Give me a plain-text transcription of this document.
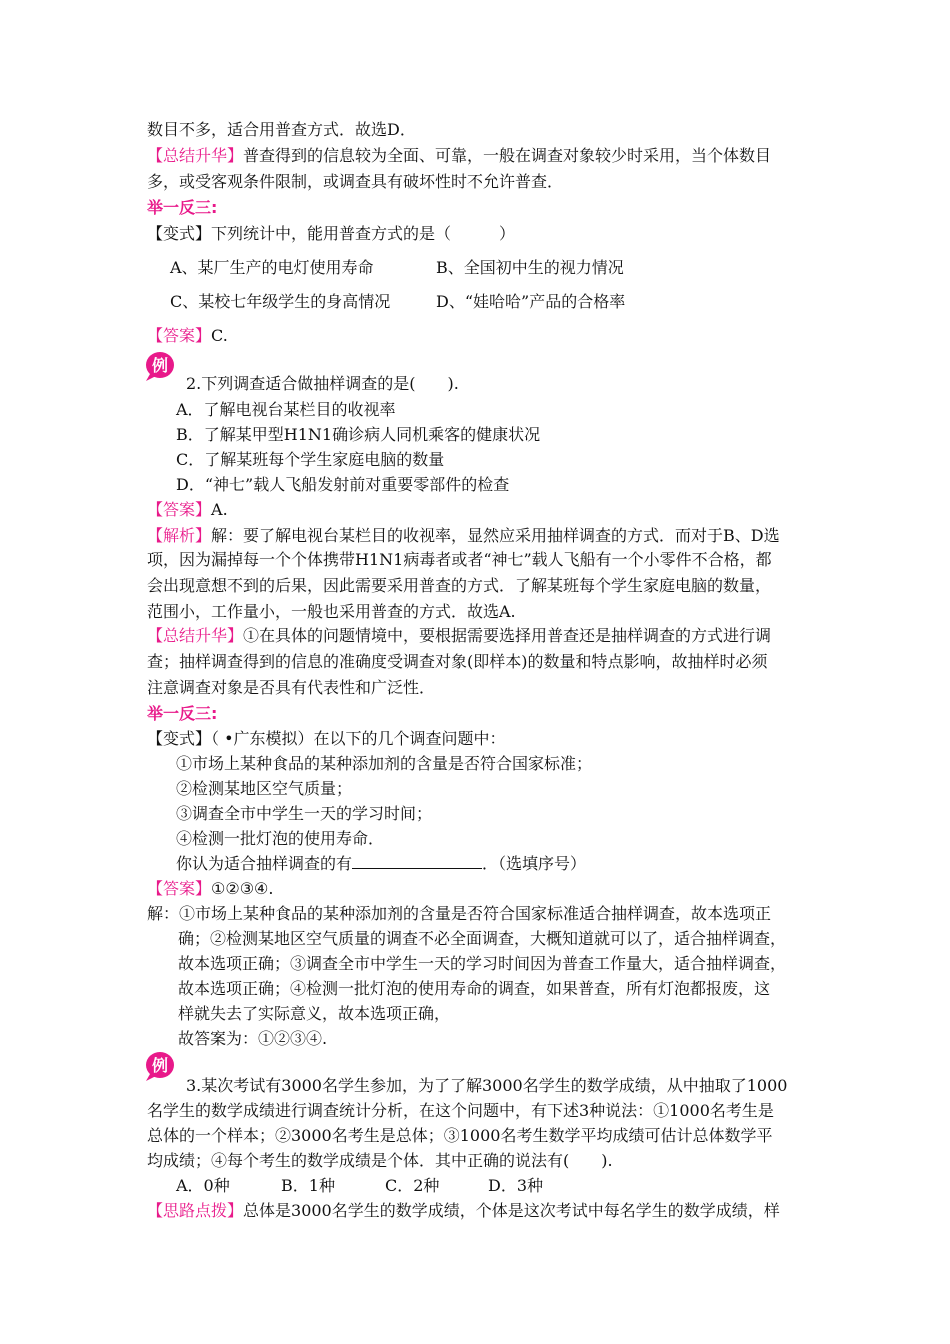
数目不多，适合用普查方式．故选D．
【总结升华】普查得到的信息较为全面、可靠，一般在调查对象较少时采用，当个体数目
多，或受客观条件限制，或调查具有破坏性时不允许普查．
举一反三:
【变式】下列统计中，能用普查方式的是（　　　）
A、某厂生产的电灯使用寿命	B、全国初中生的视力情况
C、某校七年级学生的身高情况	D、“娃哈哈”产品的合格率
【答案】C.
例
2.下列调查适合做抽样调查的是(　　).
A．了解电视台某栏目的收视率
B．了解某甲型H1N1确诊病人同机乘客的健康状况
C．了解某班每个学生家庭电脑的数量
D．“神七”载人飞船发射前对重要零部件的检查
【答案】A.
【解析】解：要了解电视台某栏目的收视率，显然应采用抽样调查的方式．而对于B、D选
项，因为漏掉每一个个体携带H1N1病毒者或者“神七”载人飞船有一个小零件不合格，都
会出现意想不到的后果，因此需要采用普查的方式．了解某班每个学生家庭电脑的数量，
范围小，工作量小，一般也采用普查的方式．故选A.
【总结升华】①在具体的问题情境中，要根据需要选择用普查还是抽样调查的方式进行调
查；抽样调查得到的信息的准确度受调查对象(即样本)的数量和特点影响，故抽样时必须
注意调查对象是否具有代表性和广泛性．
举一反三:
【变式】（ •广东模拟）在以下的几个调查问题中：
①市场上某种食品的某种添加剂的含量是否符合国家标准；
②检测某地区空气质量；
③调查全市中学生一天的学习时间；
④检测一批灯泡的使用寿命．
你认为适合抽样调查的有	．（选填序号）
【答案】①②③④.
解：①市场上某种食品的某种添加剂的含量是否符合国家标准适合抽样调查，故本选项正
确；②检测某地区空气质量的调查不必全面调查，大概知道就可以了，适合抽样调查，
故本选项正确；③调查全市中学生一天的学习时间因为普查工作量大，适合抽样调查，
故本选项正确；④检测一批灯泡的使用寿命的调查，如果普查，所有灯泡都报废，这
样就失去了实际意义，故本选项正确，
故答案为：①②③④.
例
3.某次考试有3000名学生参加，为了了解3000名学生的数学成绩，从中抽取了1000
名学生的数学成绩进行调查统计分析，在这个问题中，有下述3种说法：①1000名考生是
总体的一个样本；②3000名考生是总体；③1000名考生数学平均成绩可估计总体数学平
均成绩；④每个考生的数学成绩是个体．其中正确的说法有(　　).
A．0种	B．1种	C．2种	D．3种
【思路点拨】总体是3000名学生的数学成绩，个体是这次考试中每名学生的数学成绩，样
